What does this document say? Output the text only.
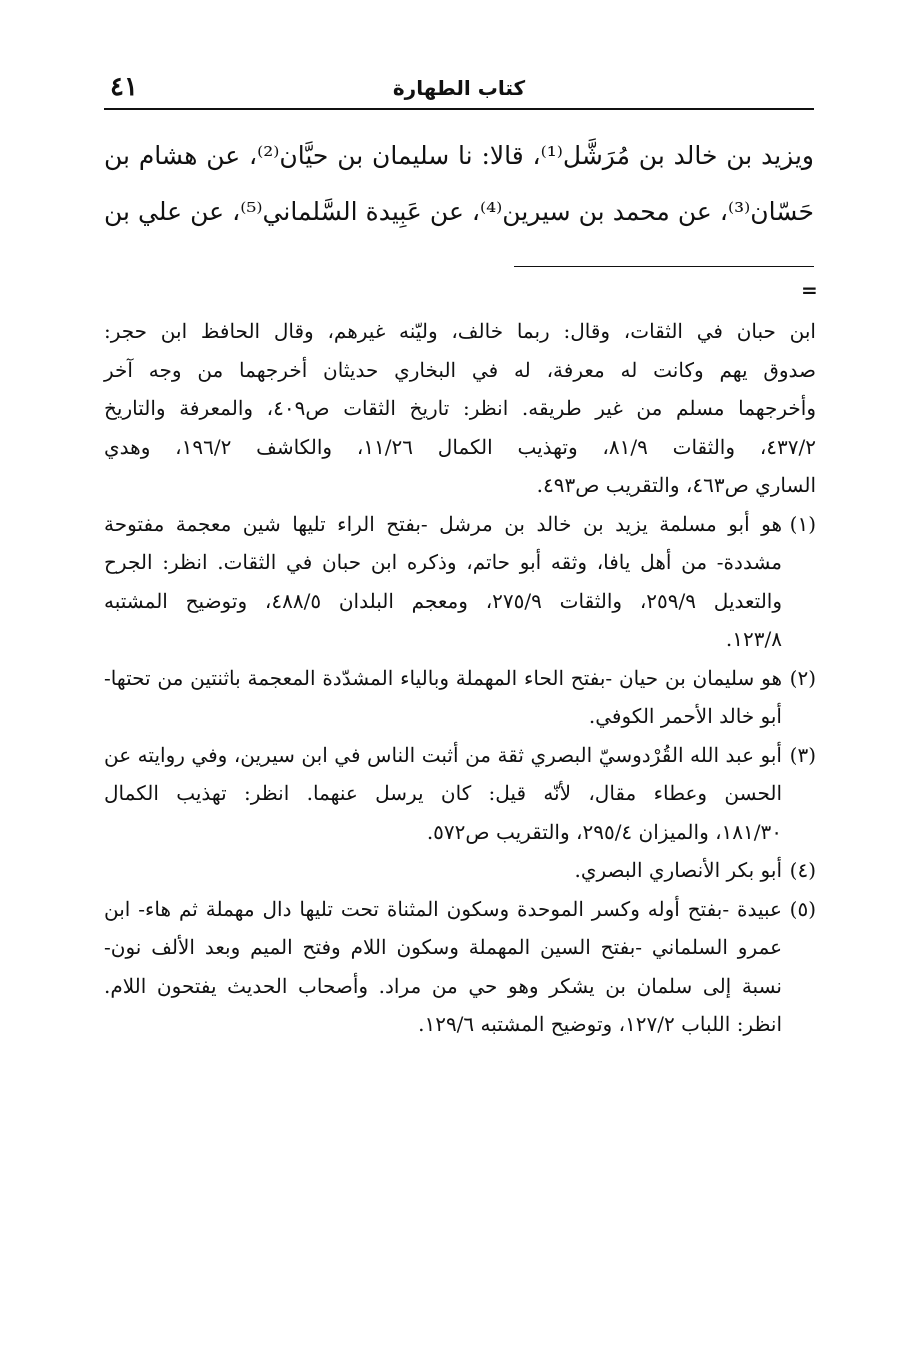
كتاب الطهارة
٤١
ويزيد بن خالد بن مُرَشَّل⁽¹⁾، قالا: نا سليمان بن حيَّان⁽²⁾، عن هشام بن
حَسّان⁽³⁾، عن محمد بن سيرين⁽⁴⁾، عن عَبِيدة السَّلماني⁽⁵⁾، عن علي بن
=
ابن حبان في الثقات، وقال: ربما خالف، وليّنه غيرهم، وقال الحافظ ابن حجر:
صدوق يهم وكانت له معرفة، له في البخاري حديثان أخرجهما من وجه آخر
وأخرجهما مسلم من غير طريقه. انظر: تاريخ الثقات ص٤٠٩، والمعرفة والتاريخ
٤٣٧/٢، والثقات ٨١/٩، وتهذيب الكمال ١١/٢٦، والكاشف ١٩٦/٢، وهدي
الساري ص٤٦٣، والتقريب ص٤٩٣.
(١)
هو أبو مسلمة يزيد بن خالد بن مرشل -بفتح الراء تليها شين معجمة مفتوحة
مشددة- من أهل يافا، وثقه أبو حاتم، وذكره ابن حبان في الثقات. انظر: الجرح
والتعديل ٢٥٩/٩، والثقات ٢٧٥/٩، ومعجم البلدان ٤٨٨/٥، وتوضيح المشتبه
١٢٣/٨.
(٢)
هو سليمان بن حيان -بفتح الحاء المهملة وبالياء المشدّدة المعجمة باثنتين من تحتها-
أبو خالد الأحمر الكوفي.
(٣)
أبو عبد الله القُرْدوسيّ البصري ثقة من أثبت الناس في ابن سيرين، وفي روايته عن
الحسن وعطاء مقال، لأنّه قيل: كان يرسل عنهما. انظر: تهذيب الكمال
١٨١/٣٠، والميزان ٢٩٥/٤، والتقريب ص٥٧٢.
(٤)
أبو بكر الأنصاري البصري.
(٥)
عبيدة -بفتح أوله وكسر الموحدة وسكون المثناة تحت تليها دال مهملة ثم هاء- ابن
عمرو السلماني -بفتح السين المهملة وسكون اللام وفتح الميم وبعد الألف نون-
نسبة إلى سلمان بن يشكر وهو حي من مراد. وأصحاب الحديث يفتحون اللام.
انظر: اللباب ١٢٧/٢، وتوضيح المشتبه ١٢٩/٦.
